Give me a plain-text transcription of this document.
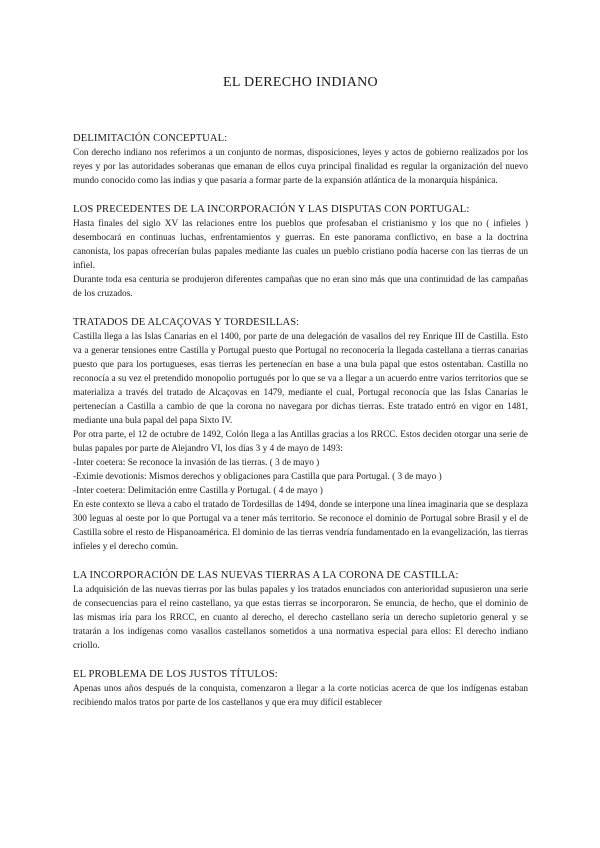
EL DERECHO INDIANO
DELIMITACIÓN CONCEPTUAL:

Con derecho indiano nos referimos a un conjunto de normas, disposiciones, leyes y actos de gobierno realizados por los reyes y por las autoridades soberanas que emanan de ellos cuya principal finalidad es regular la organización del nuevo mundo conocido como las indias y que pasaría a formar parte de la expansión atlántica de la monarquía hispánica.

LOS PRECEDENTES DE LA INCORPORACIÓN Y LAS DISPUTAS CON PORTUGAL:

Hasta finales del siglo XV las relaciones entre los pueblos que profesaban el cristianismo y los que no ( infieles ) desembocará en continuas luchas, enfrentamientos y guerras. En este panorama conflictivo, en base a la doctrina canonista, los papas ofrecerían bulas papales mediante las cuales un pueblo cristiano podía hacerse con las tierras de un infiel.

Durante toda esa centuria se produjeron diferentes campañas que no eran sino más que una continuidad de las campañas de los cruzados.

TRATADOS DE ALCAÇOVAS Y TORDESILLAS:

Castilla llega a las Islas Canarias en el 1400, por parte de una delegación de vasallos del rey Enrique III de Castilla. Esto va a generar tensiones entre Castilla y Portugal puesto que Portugal no reconocería la llegada castellana a tierras canarias puesto que para los portugueses, esas tierras les pertenecían en base a una bula papal que estos ostentaban. Castilla no reconocía a su vez el pretendido monopolio portugués por lo que se va a llegar a un acuerdo entre varios territorios que se materializa a través del tratado de Alcaçovas en 1479, mediante el cual, Portugal reconocía que las Islas Canarias le pertenecían a Castilla a cambio de que la corona no navegara por dichas tierras. Este tratado entró en vigor en 1481, mediante una bula papal del papa Sixto IV.

Por otra parte, el 12 de octubre de 1492, Colón llega a las Antillas gracias a los RRCC. Estos deciden otorgar una serie de bulas papales por parte de Alejandro VI, los días 3 y 4 de mayo de 1493:

-Inter coetera: Se reconoce la invasión de las tierras. ( 3 de mayo )

-Eximie devotionis: Mismos derechos y obligaciones para Castilla que para Portugal. ( 3 de mayo )

-Inter coetera: Delimitación entre Castilla y Portugal. ( 4 de mayo )

En este contexto se lleva a cabo el tratado de Tordesillas de 1494, donde se interpone una línea imaginaria que se desplaza 300 leguas al oeste por lo que Portugal va a tener más territorio. Se reconoce el dominio de Portugal sobre Brasil y el de Castilla sobre el resto de Hispanoamérica. El dominio de las tierras vendría fundamentado en la evangelización, las tierras infieles y el derecho común.

LA INCORPORACIÓN DE LAS NUEVAS TIERRAS A LA CORONA DE CASTILLA:

La adquisición de las nuevas tierras por las bulas papales y los tratados enunciados con anterioridad supusieron una serie de consecuencias para el reino castellano, ya que estas tierras se incorporaron. Se enuncia, de hecho, que el dominio de las mismas iría para los RRCC, en cuanto al derecho, el derecho castellano sería un derecho supletorio general y se tratarán a los indígenas como vasallos castellanos sometidos a una normativa especial para ellos: El derecho indiano criollo.

EL PROBLEMA DE LOS JUSTOS TÍTULOS:

Apenas unos años después de la conquista, comenzaron a llegar a la corte noticias acerca de que los indígenas estaban recibiendo malos tratos por parte de los castellanos y que era muy difícil establecer
